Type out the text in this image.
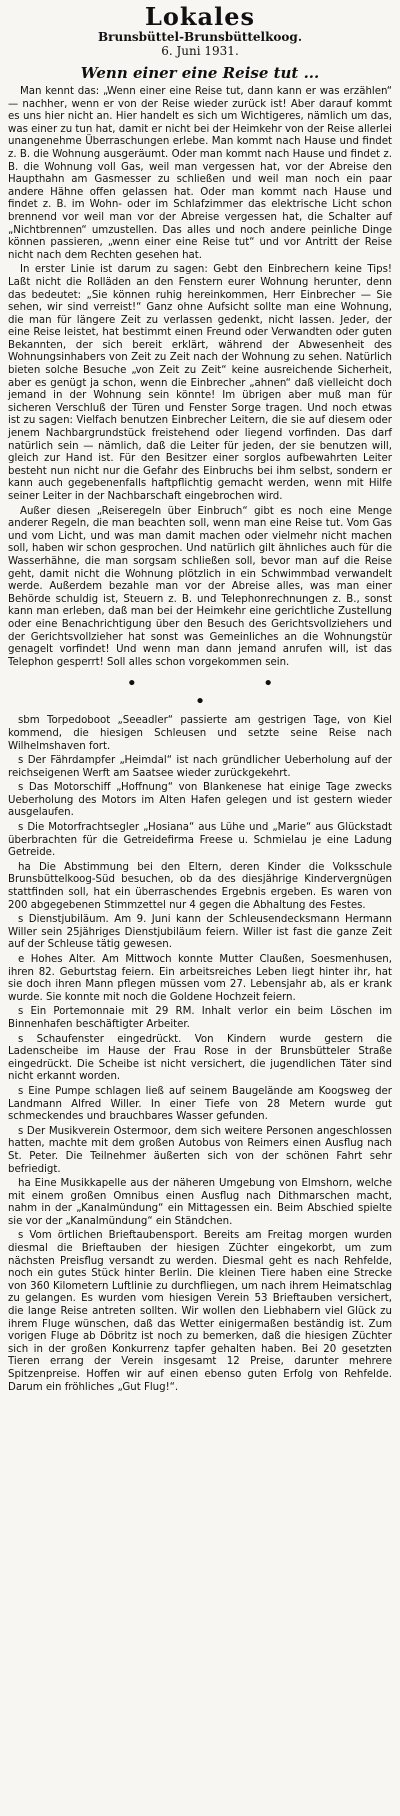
Lokales
Brunsbüttel-Brunsbüttelkoog.
6. Juni 1931.
Wenn einer eine Reise tut ...

Man kennt das: „Wenn einer eine Reise tut, dann kann er was erzählen“ — nachher, wenn er von der Reise wieder zurück ist! Aber darauf kommt es uns hier nicht an. Hier handelt es sich um Wichtigeres, nämlich um das, was einer zu tun hat, damit er nicht bei der Heimkehr von der Reise allerlei unangenehme Überraschungen erlebe. Man kommt nach Hause und findet z. B. die Wohnung ausgeräumt. Oder man kommt nach Hause und findet z. B. die Wohnung voll Gas, weil man vergessen hat, vor der Abreise den Haupthahn am Gasmesser zu schließen und weil man noch ein paar andere Hähne offen gelassen hat. Oder man kommt nach Hause und findet z. B. im Wohn- oder im Schlafzimmer das elektrische Licht schon brennend vor weil man vor der Abreise vergessen hat, die Schalter auf „Nichtbrennen“ umzustellen. Das alles und noch andere peinliche Dinge können passieren, „wenn einer eine Reise tut“ und vor Antritt der Reise nicht nach dem Rechten gesehen hat.

In erster Linie ist darum zu sagen: Gebt den Einbrechern keine Tips! Laßt nicht die Rolläden an den Fenstern eurer Wohnung herunter, denn das bedeutet: „Sie können ruhig hereinkommen, Herr Einbrecher — Sie sehen, wir sind verreist!“ Ganz ohne Aufsicht sollte man eine Wohnung, die man für längere Zeit zu verlassen gedenkt, nicht lassen. Jeder, der eine Reise leistet, hat bestimmt einen Freund oder Verwandten oder guten Bekannten, der sich bereit erklärt, während der Abwesenheit des Wohnungsinhabers von Zeit zu Zeit nach der Wohnung zu sehen. Natürlich bieten solche Besuche „von Zeit zu Zeit“ keine ausreichende Sicherheit, aber es genügt ja schon, wenn die Einbrecher „ahnen“ daß vielleicht doch jemand in der Wohnung sein könnte! Im übrigen aber muß man für sicheren Verschluß der Türen und Fenster Sorge tragen. Und noch etwas ist zu sagen: Vielfach benutzen Einbrecher Leitern, die sie auf diesem oder jenem Nachbargrundstück freistehend oder liegend vorfinden. Das darf natürlich sein — nämlich, daß die Leiter für jeden, der sie benutzen will, gleich zur Hand ist. Für den Besitzer einer sorglos aufbewahrten Leiter besteht nun nicht nur die Gefahr des Einbruchs bei ihm selbst, sondern er kann auch gegebenenfalls haftpflichtig gemacht werden, wenn mit Hilfe seiner Leiter in der Nachbarschaft eingebrochen wird.

Außer diesen „Reiseregeln über Einbruch“ gibt es noch eine Menge anderer Regeln, die man beachten soll, wenn man eine Reise tut. Vom Gas und vom Licht, und was man damit machen oder vielmehr nicht machen soll, haben wir schon gesprochen. Und natürlich gilt ähnliches auch für die Wasserhähne, die man sorgsam schließen soll, bevor man auf die Reise geht, damit nicht die Wohnung plötzlich in ein Schwimmbad verwandelt werde. Außerdem bezahle man vor der Abreise alles, was man einer Behörde schuldig ist, Steuern z. B. und Telephonrechnungen z. B., sonst kann man erleben, daß man bei der Heimkehr eine gerichtliche Zustellung oder eine Benachrichtigung über den Besuch des Gerichtsvollziehers und der Gerichtsvollzieher hat sonst was Gemeinliches an die Wohnungstür genagelt vorfindet! Und wenn man dann jemand anrufen will, ist das Telephon gesperrt! Soll alles schon vorgekommen sein.

• • •

sbm Torpedoboot „Seeadler“ passierte am gestrigen Tage, von Kiel kommend, die hiesigen Schleusen und setzte seine Reise nach Wilhelmshaven fort.

s Der Fährdampfer „Heimdal“ ist nach gründlicher Ueberholung auf der reichseigenen Werft am Saatsee wieder zurückgekehrt.

s Das Motorschiff „Hoffnung“ von Blankenese hat einige Tage zwecks Ueberholung des Motors im Alten Hafen gelegen und ist gestern wieder ausgelaufen.

s Die Motorfrachtsegler „Hosiana“ aus Lühe und „Marie“ aus Glückstadt überbrachten für die Getreidefirma Freese u. Schmielau je eine Ladung Getreide.

ha Die Abstimmung bei den Eltern, deren Kinder die Volksschule Brunsbüttelkoog-Süd besuchen, ob da des diesjährige Kindervergnügen stattfinden soll, hat ein überraschendes Ergebnis ergeben. Es waren von 200 abgegebenen Stimmzettel nur 4 gegen die Abhaltung des Festes.

s Dienstjubiläum. Am 9. Juni kann der Schleusendecksmann Hermann Willer sein 25jähriges Dienstjubiläum feiern. Willer ist fast die ganze Zeit auf der Schleuse tätig gewesen.

e Hohes Alter. Am Mittwoch konnte Mutter Claußen, Soesmenhusen, ihren 82. Geburtstag feiern. Ein arbeitsreiches Leben liegt hinter ihr, hat sie doch ihren Mann pflegen müssen vom 27. Lebensjahr ab, als er krank wurde. Sie konnte mit noch die Goldene Hochzeit feiern.

s Ein Portemonnaie mit 29 RM. Inhalt verlor ein beim Löschen im Binnenhafen beschäftigter Arbeiter.

s Schaufenster eingedrückt. Von Kindern wurde gestern die Ladenscheibe im Hause der Frau Rose in der Brunsbütteler Straße eingedrückt. Die Scheibe ist nicht versichert, die jugendlichen Täter sind nicht erkannt worden.

s Eine Pumpe schlagen ließ auf seinem Baugelände am Koogsweg der Landmann Alfred Willer. In einer Tiefe von 28 Metern wurde gut schmeckendes und brauchbares Wasser gefunden.

s Der Musikverein Ostermoor, dem sich weitere Personen angeschlossen hatten, machte mit dem großen Autobus von Reimers einen Ausflug nach St. Peter. Die Teilnehmer äußerten sich von der schönen Fahrt sehr befriedigt.

ha Eine Musikkapelle aus der näheren Umgebung von Elmshorn, welche mit einem großen Omnibus einen Ausflug nach Dithmarschen macht, nahm in der „Kanalmündung“ ein Mittagessen ein. Beim Abschied spielte sie vor der „Kanalmündung“ ein Ständchen.

s Vom örtlichen Brieftaubensport. Bereits am Freitag morgen wurden diesmal die Brieftauben der hiesigen Züchter eingekorbt, um zum nächsten Preisflug versandt zu werden. Diesmal geht es nach Rehfelde, noch ein gutes Stück hinter Berlin. Die kleinen Tiere haben eine Strecke von 360 Kilometern Luftlinie zu durchfliegen, um nach ihrem Heimatschlag zu gelangen. Es wurden vom hiesigen Verein 53 Brieftauben versichert, die lange Reise antreten sollten. Wir wollen den Liebhabern viel Glück zu ihrem Fluge wünschen, daß das Wetter einigermaßen beständig ist. Zum vorigen Fluge ab Döbritz ist noch zu bemerken, daß die hiesigen Züchter sich in der großen Konkurrenz tapfer gehalten haben. Bei 20 gesetzten Tieren errang der Verein insgesamt 12 Preise, darunter mehrere Spitzenpreise. Hoffen wir auf einen ebenso guten Erfolg von Rehfelde. Darum ein fröhliches „Gut Flug!“.
